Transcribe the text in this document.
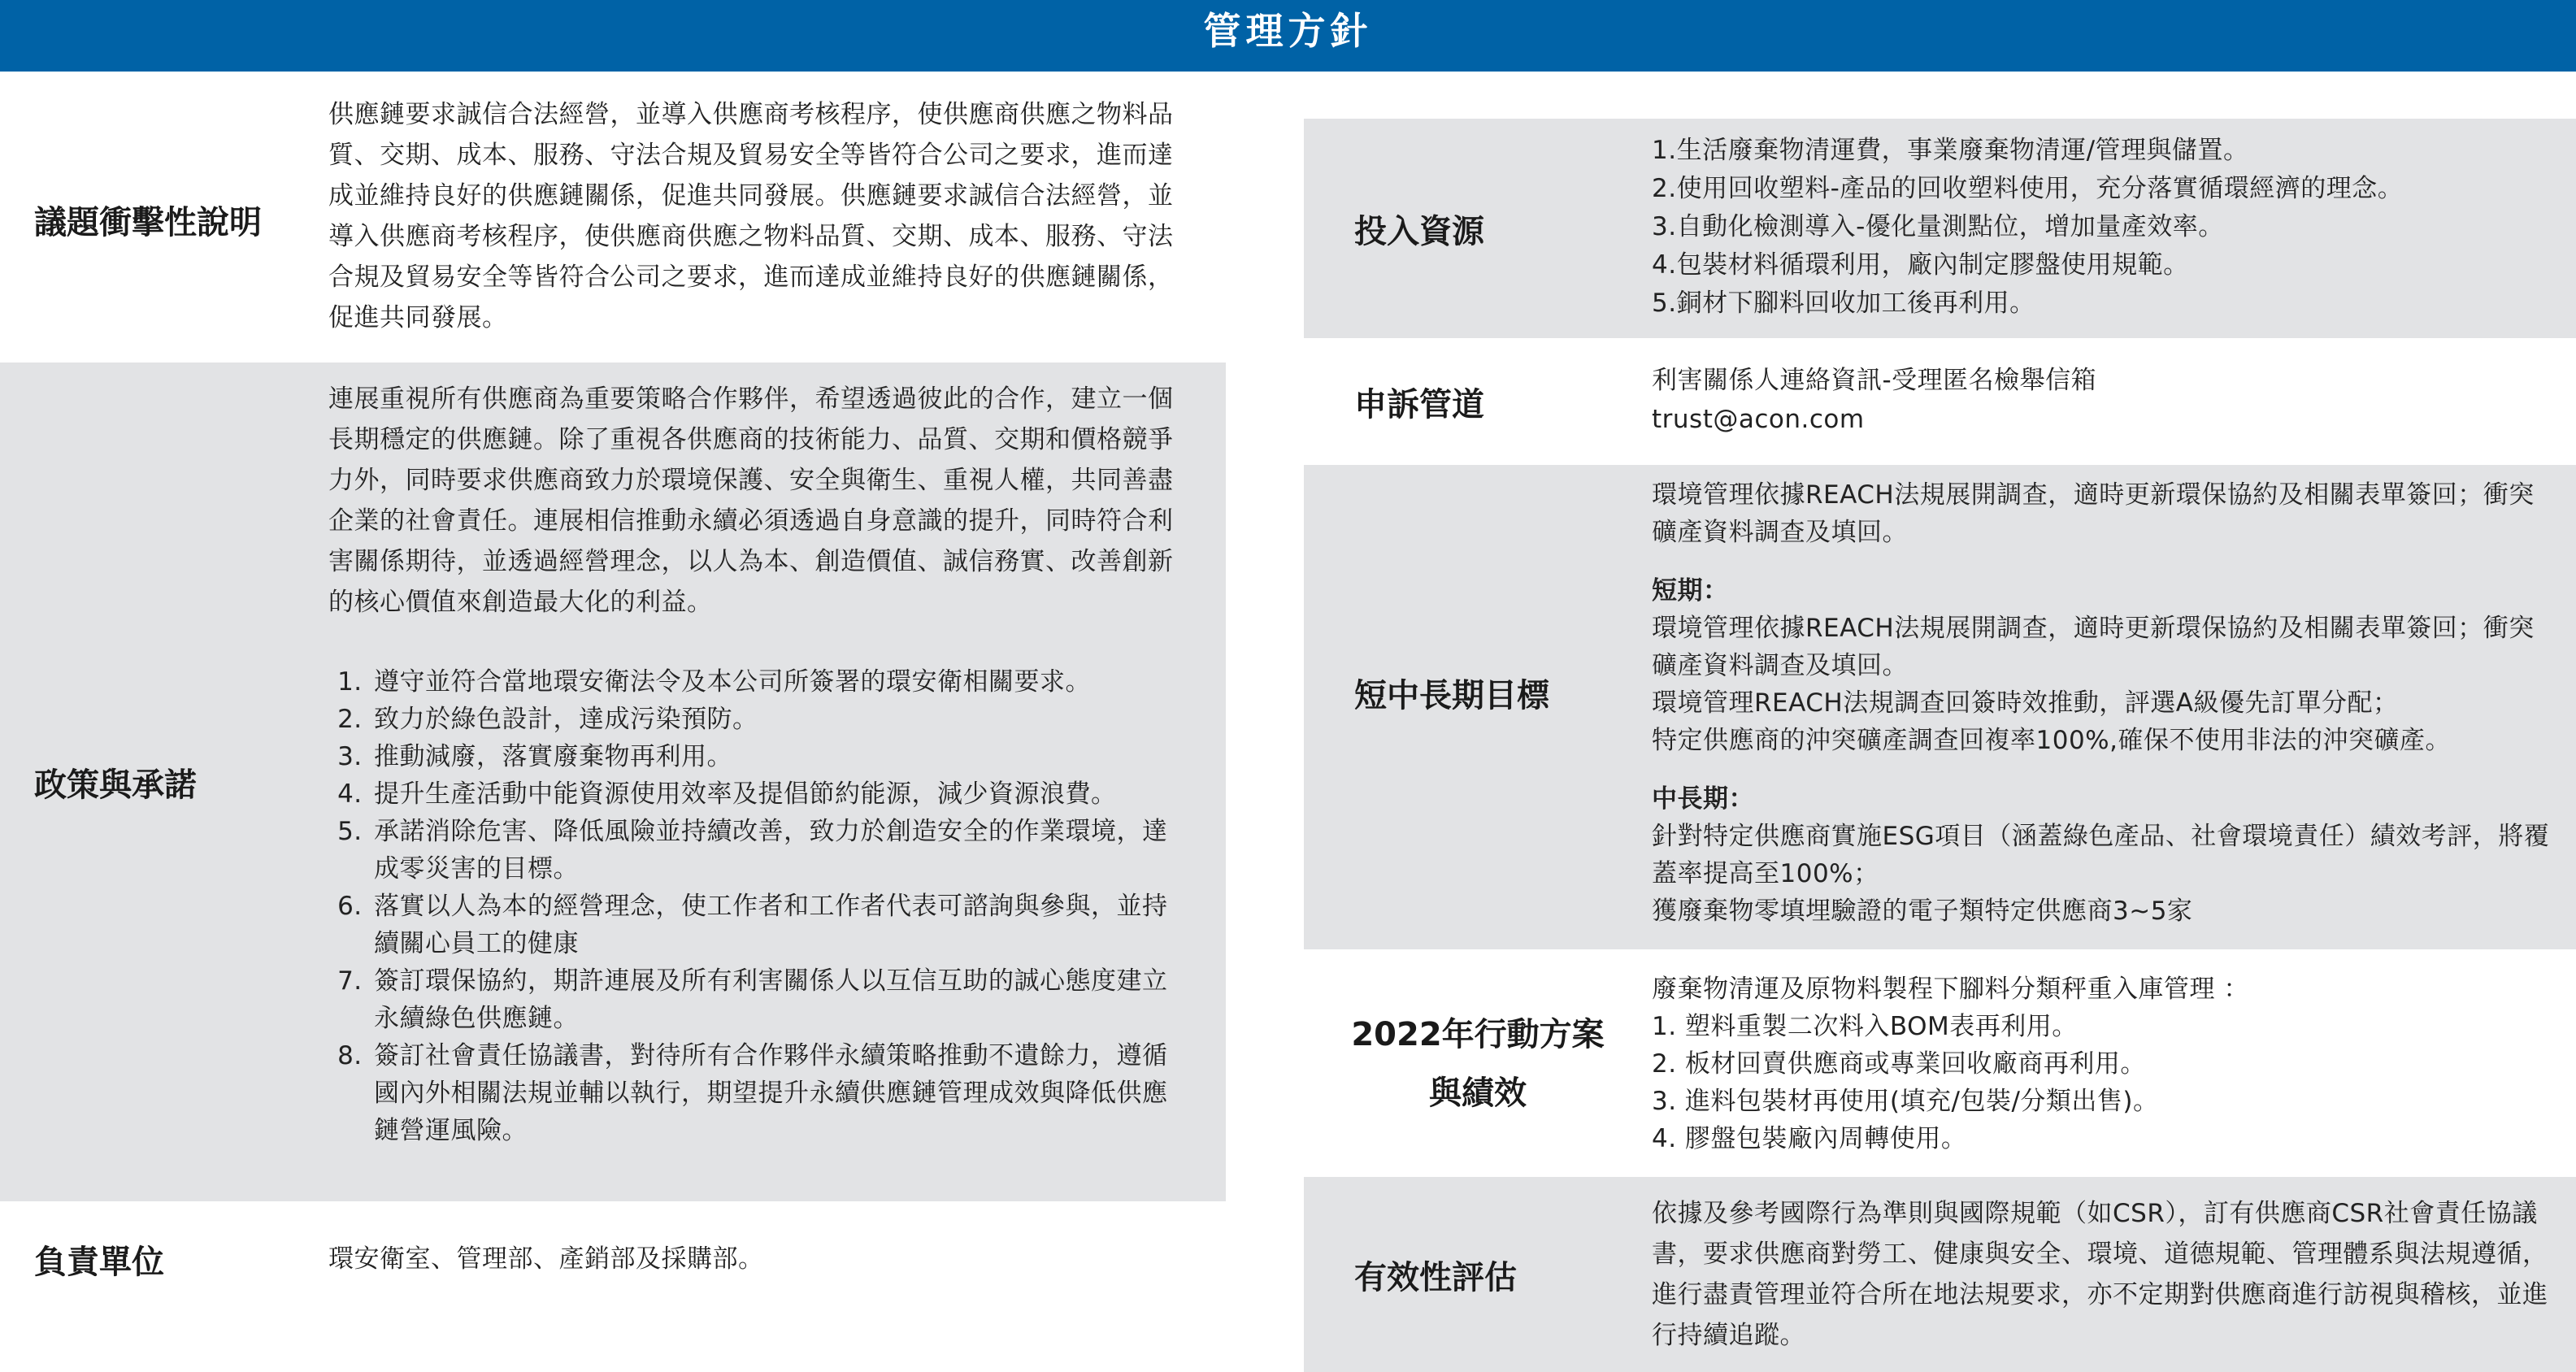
管理方針
議題衝擊性說明
供應鏈要求誠信合法經營，並導入供應商考核程序，使供應商供應之物料品質、交期、成本、服務、守法合規及貿易安全等皆符合公司之要求，進而達成並維持良好的供應鏈關係，促進共同發展。供應鏈要求誠信合法經營，並導入供應商考核程序，使供應商供應之物料品質、交期、成本、服務、守法合規及貿易安全等皆符合公司之要求，進而達成並維持良好的供應鏈關係，促進共同發展。
政策與承諾

連展重視所有供應商為重要策略合作夥伴，希望透過彼此的合作，建立一個長期穩定的供應鏈。除了重視各供應商的技術能力、品質、交期和價格競爭力外，同時要求供應商致力於環境保護、安全與衛生、重視人權，共同善盡企業的社會責任。連展相信推動永續必須透過自身意識的提升，同時符合利害關係期待，並透過經營理念，以人為本、創造價值、誠信務實、改善創新的核心價值來創造最大化的利益。

1. 遵守並符合當地環安衛法令及本公司所簽署的環安衛相關要求。
2. 致力於綠色設計，達成污染預防。
3. 推動減廢，落實廢棄物再利用。
4. 提升生產活動中能資源使用效率及提倡節約能源，減少資源浪費。
5. 承諾消除危害、降低風險並持續改善，致力於創造安全的作業環境，達成零災害的目標。
6. 落實以人為本的經營理念，使工作者和工作者代表可諮詢與參與，並持續關心員工的健康
7. 簽訂環保協約，期許連展及所有利害關係人以互信互助的誠心態度建立永續綠色供應鏈。
8. 簽訂社會責任協議書，對待所有合作夥伴永續策略推動不遺餘力，遵循國內外相關法規並輔以執行，期望提升永續供應鏈管理成效與降低供應鏈營運風險。
負責單位	環安衛室、管理部、產銷部及採購部。
投入資源

1.生活廢棄物清運費，事業廢棄物清運/管理與儲置。

2.使用回收塑料-產品的回收塑料使用，充分落實循環經濟的理念。

3.自動化檢測導入-優化量測點位，增加量產效率。

4.包裝材料循環利用，廠內制定膠盤使用規範。

5.銅材下腳料回收加工後再利用。

申訴管道

利害關係人連絡資訊-受理匿名檢舉信箱

trust@acon.com

短中長期目標

環境管理依據REACH法規展開調查，適時更新環保協約及相關表單簽回；衝突礦產資料調查及填回。

短期：

環境管理依據REACH法規展開調查，適時更新環保協約及相關表單簽回；衝突礦產資料調查及填回。

環境管理REACH法規調查回簽時效推動，評選A級優先訂單分配；

特定供應商的沖突礦產調查回複率100%,確保不使用非法的沖突礦產。

中長期：

針對特定供應商實施ESG項目（涵蓋綠色產品、社會環境責任）績效考評，將覆蓋率提高至100%；

獲廢棄物零填埋驗證的電子類特定供應商3~5家

2022年行動方案
與績效

廢棄物清運及原物料製程下腳料分類秤重入庫管理 ：

1. 塑料重製二次料入BOM表再利用。

2. 板材回賣供應商或專業回收廠商再利用。

3. 進料包裝材再使用(填充/包裝/分類出售)。

4. 膠盤包裝廠內周轉使用。

有效性評估
依據及參考國際行為準則與國際規範（如CSR），訂有供應商CSR社會責任協議書，要求供應商對勞工、健康與安全、環境、道德規範、管理體系與法規遵循，進行盡責管理並符合所在地法規要求，亦不定期對供應商進行訪視與稽核，並進行持續追蹤。
